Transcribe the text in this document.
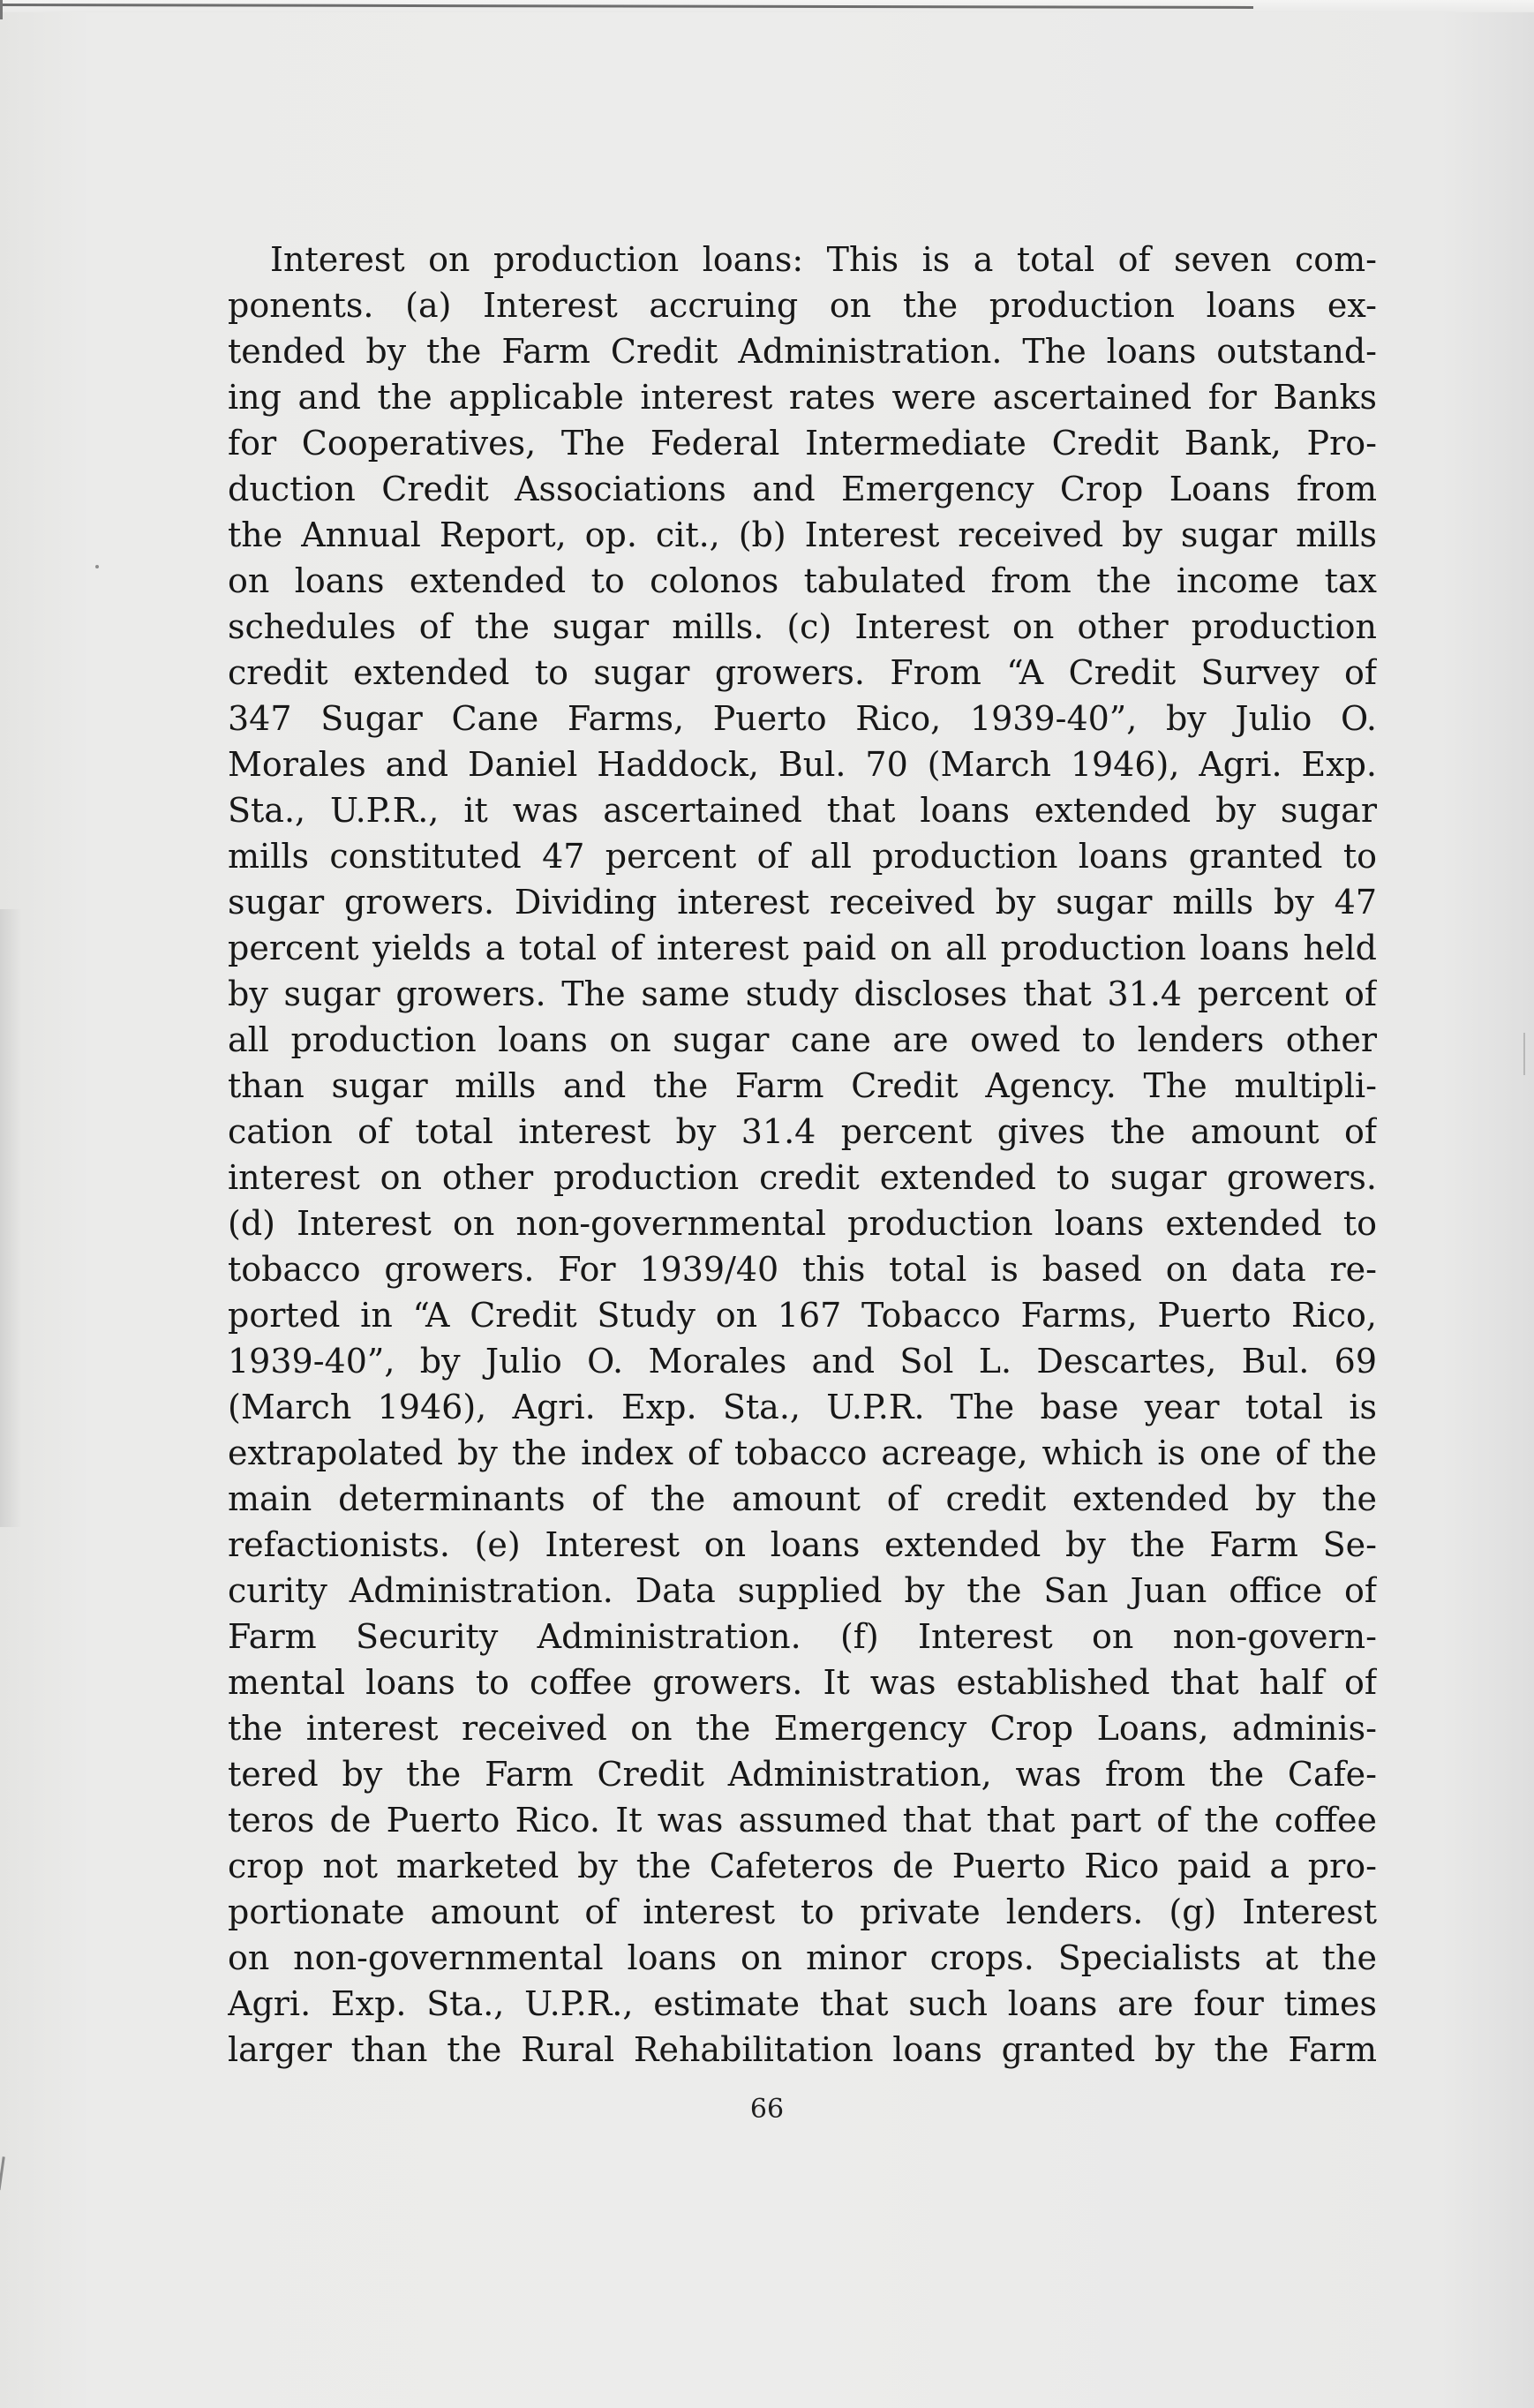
Interest on production loans: This is a total of seven com-
ponents. (a) Interest accruing on the production loans ex-
tended by the Farm Credit Administration. The loans outstand-
ing and the applicable interest rates were ascertained for Banks
for Cooperatives, The Federal Intermediate Credit Bank, Pro-
duction Credit Associations and Emergency Crop Loans from
the Annual Report, op. cit., (b) Interest received by sugar mills
on loans extended to colonos tabulated from the income tax
schedules of the sugar mills. (c) Interest on other production
credit extended to sugar growers. From “A Credit Survey of
347 Sugar Cane Farms, Puerto Rico, 1939-40”, by Julio O.
Morales and Daniel Haddock, Bul. 70 (March 1946), Agri. Exp.
Sta., U.P.R., it was ascertained that loans extended by sugar
mills constituted 47 percent of all production loans granted to
sugar growers. Dividing interest received by sugar mills by 47
percent yields a total of interest paid on all production loans held
by sugar growers. The same study discloses that 31.4 percent of
all production loans on sugar cane are owed to lenders other
than sugar mills and the Farm Credit Agency. The multipli-
cation of total interest by 31.4 percent gives the amount of
interest on other production credit extended to sugar growers.
(d) Interest on non-governmental production loans extended to
tobacco growers. For 1939/40 this total is based on data re-
ported in “A Credit Study on 167 Tobacco Farms, Puerto Rico,
1939-40”, by Julio O. Morales and Sol L. Descartes, Bul. 69
(March 1946), Agri. Exp. Sta., U.P.R. The base year total is
extrapolated by the index of tobacco acreage, which is one of the
main determinants of the amount of credit extended by the
refactionists. (e) Interest on loans extended by the Farm Se-
curity Administration. Data supplied by the San Juan office of
Farm Security Administration. (f) Interest on non-govern-
mental loans to coffee growers. It was established that half of
the interest received on the Emergency Crop Loans, adminis-
tered by the Farm Credit Administration, was from the Cafe-
teros de Puerto Rico. It was assumed that that part of the coffee
crop not marketed by the Cafeteros de Puerto Rico paid a pro-
portionate amount of interest to private lenders. (g) Interest
on non-governmental loans on minor crops. Specialists at the
Agri. Exp. Sta., U.P.R., estimate that such loans are four times
larger than the Rural Rehabilitation loans granted by the Farm
66
